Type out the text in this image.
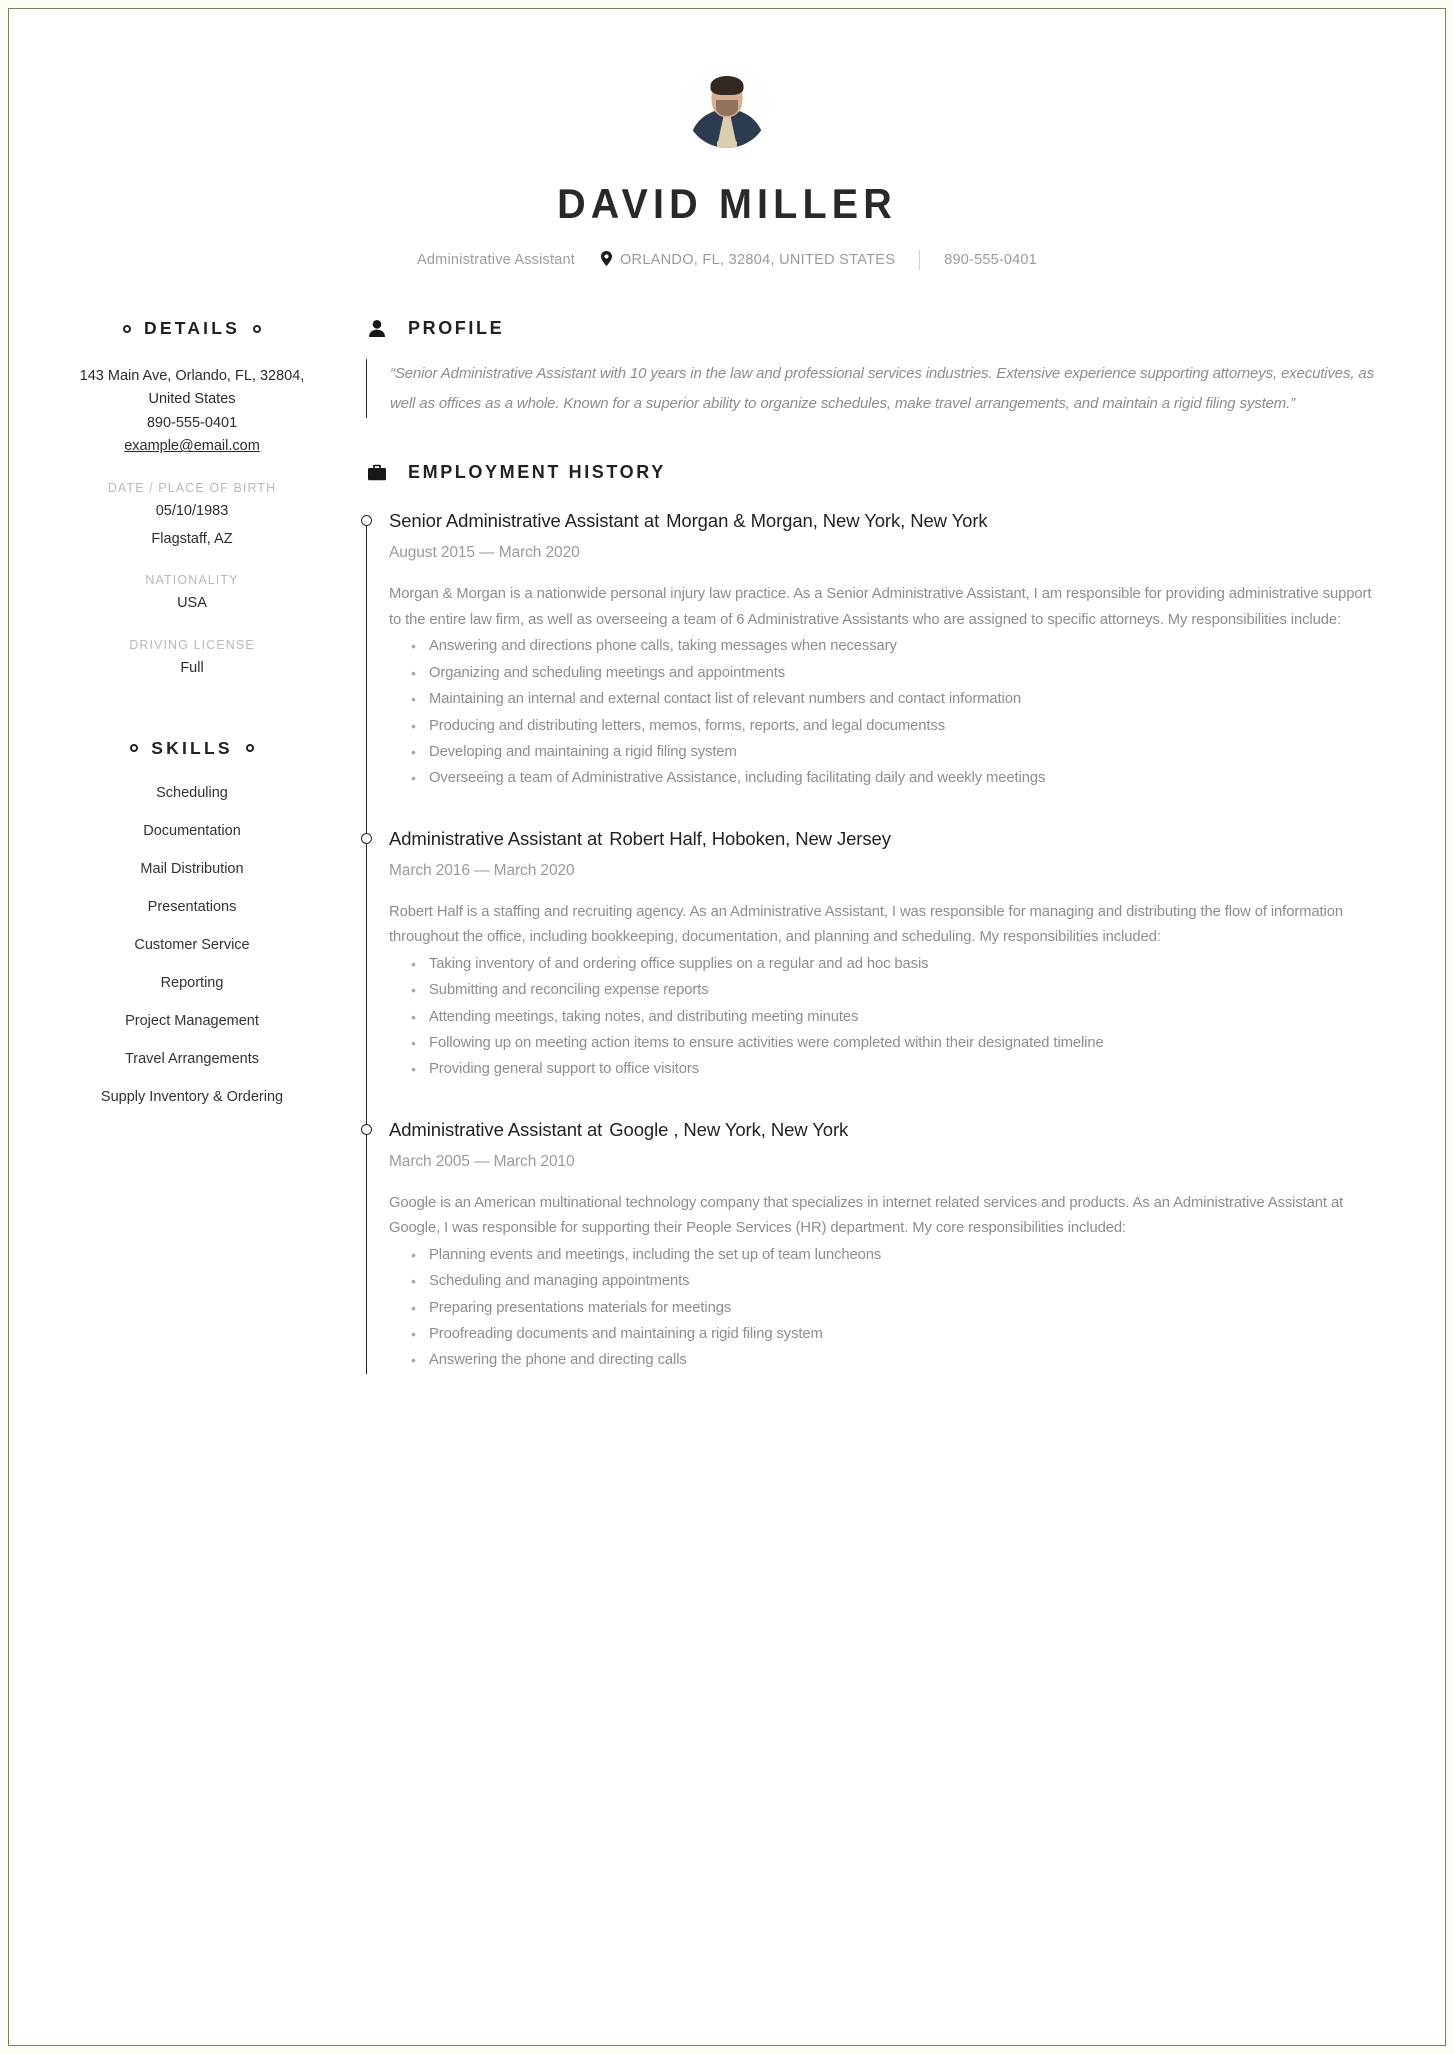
DAVID MILLER
Administrative Assistant	ORLANDO, FL, 32804, UNITED STATES	890-555-0401
DETAILS
143 Main Ave, Orlando, FL, 32804,
United States
890-555-0401
example@email.com
DATE / PLACE OF BIRTH
05/10/1983
Flagstaff, AZ
NATIONALITY
USA
DRIVING LICENSE
Full
SKILLS
Scheduling
Documentation
Mail Distribution
Presentations
Customer Service
Reporting
Project Management
Travel Arrangements
Supply Inventory & Ordering
PROFILE
“Senior Administrative Assistant with 10 years in the law and professional services industries. Extensive experience supporting attorneys, executives, as well as offices as a whole. Known for a superior ability to organize schedules, make travel arrangements, and maintain a rigid filing system.”
EMPLOYMENT HISTORY
Senior Administrative Assistant at Morgan & Morgan, New York, New York
August 2015 — March 2020
Morgan & Morgan is a nationwide personal injury law practice. As a Senior Administrative Assistant, I am responsible for providing administrative support to the entire law firm, as well as overseeing a team of 6 Administrative Assistants who are assigned to specific attorneys. My responsibilities include:
• Answering and directions phone calls, taking messages when necessary
• Organizing and scheduling meetings and appointments
• Maintaining an internal and external contact list of relevant numbers and contact information
• Producing and distributing letters, memos, forms, reports, and legal documentss
• Developing and maintaining a rigid filing system
• Overseeing a team of Administrative Assistance, including facilitating daily and weekly meetings
Administrative Assistant at Robert Half, Hoboken, New Jersey
March 2016 — March 2020
Robert Half is a staffing and recruiting agency. As an Administrative Assistant, I was responsible for managing and distributing the flow of information throughout the office, including bookkeeping, documentation, and planning and scheduling. My responsibilities included:
• Taking inventory of and ordering office supplies on a regular and ad hoc basis
• Submitting and reconciling expense reports
• Attending meetings, taking notes, and distributing meeting minutes
• Following up on meeting action items to ensure activities were completed within their designated timeline
• Providing general support to office visitors
Administrative Assistant at Google , New York, New York
March 2005 — March 2010
Google is an American multinational technology company that specializes in internet related services and products. As an Administrative Assistant at Google, I was responsible for supporting their People Services (HR) department. My core responsibilities included:
• Planning events and meetings, including the set up of team luncheons
• Scheduling and managing appointments
• Preparing presentations materials for meetings
• Proofreading documents and maintaining a rigid filing system
• Answering the phone and directing calls
